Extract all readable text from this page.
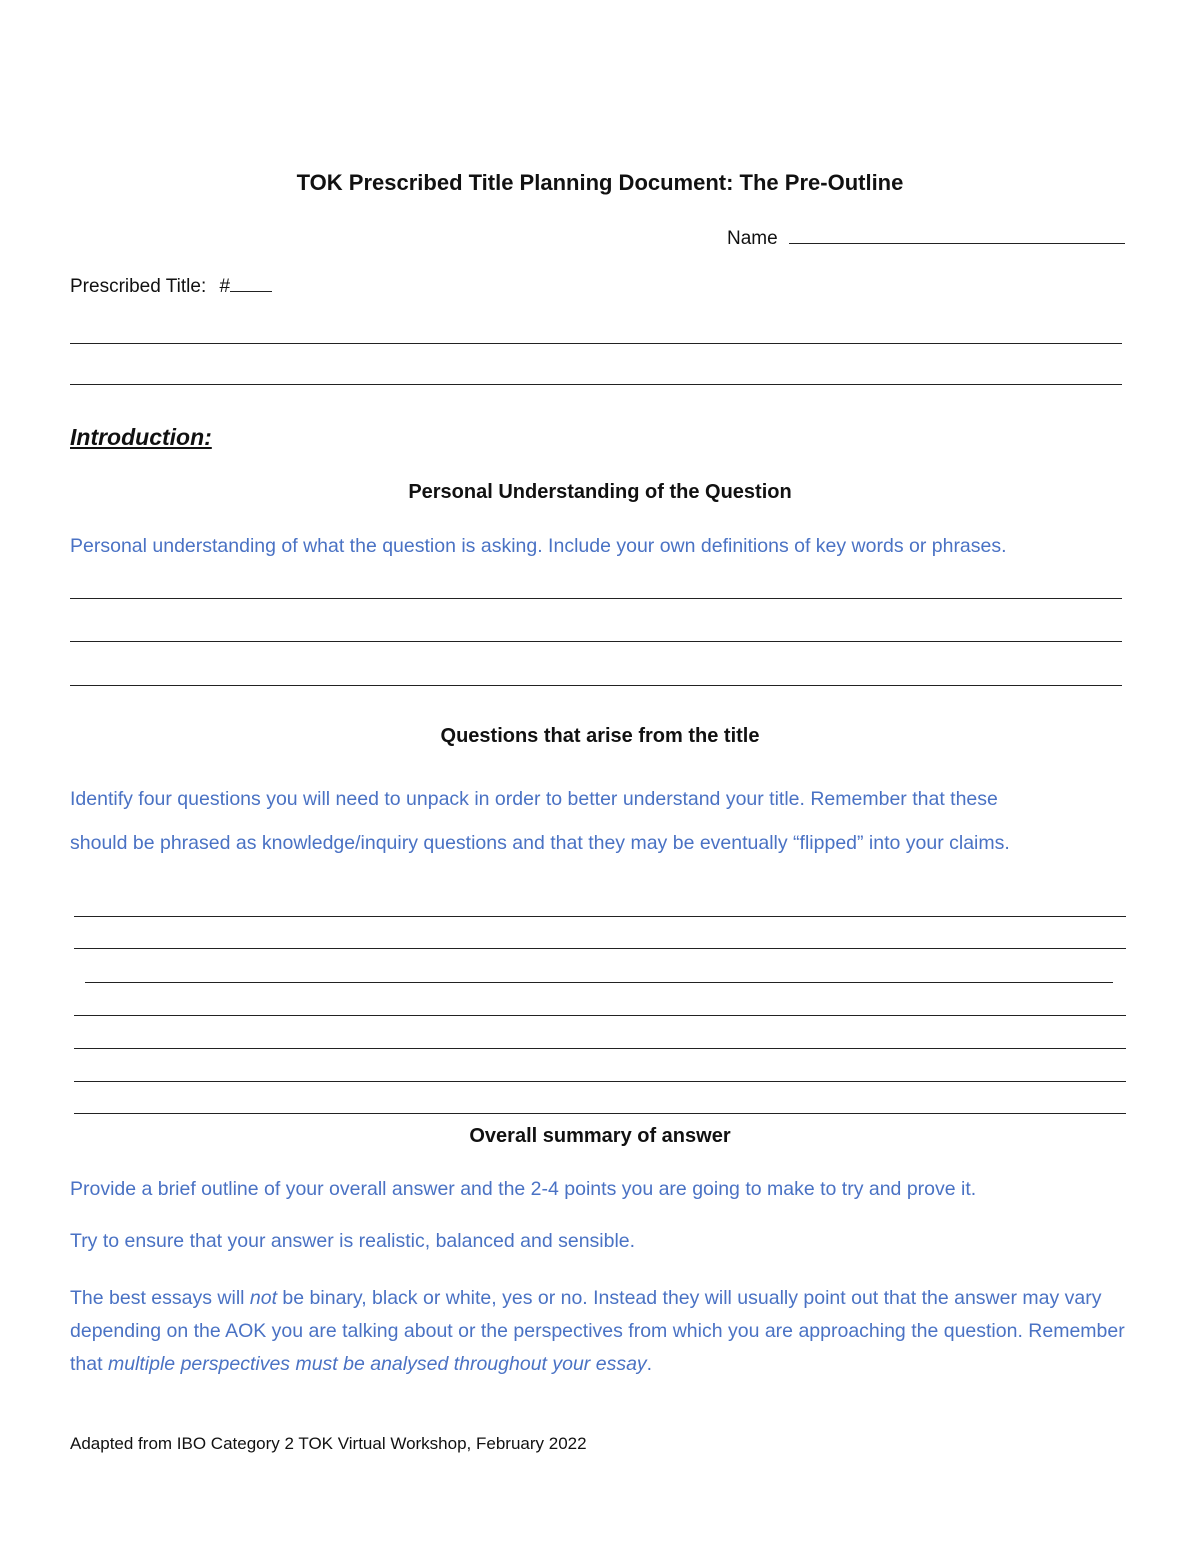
TOK Prescribed Title Planning Document: The Pre-Outline
Name
Prescribed Title: #
Introduction:
Personal Understanding of the Question
Personal understanding of what the question is asking. Include your own definitions of key words or phrases.
Questions that arise from the title
Identify four questions you will need to unpack in order to better understand your title. Remember that these
should be phrased as knowledge/inquiry questions and that they may be eventually “flipped” into your claims.
Overall summary of answer
Provide a brief outline of your overall answer and the 2-4 points you are going to make to try and prove it.
Try to ensure that your answer is realistic, balanced and sensible.
The best essays will not be binary, black or white, yes or no. Instead they will usually point out that the answer may vary depending on the AOK you are talking about or the perspectives from which you are approaching the question. Remember that multiple perspectives must be analysed throughout your essay.
Adapted from IBO Category 2 TOK Virtual Workshop, February 2022
